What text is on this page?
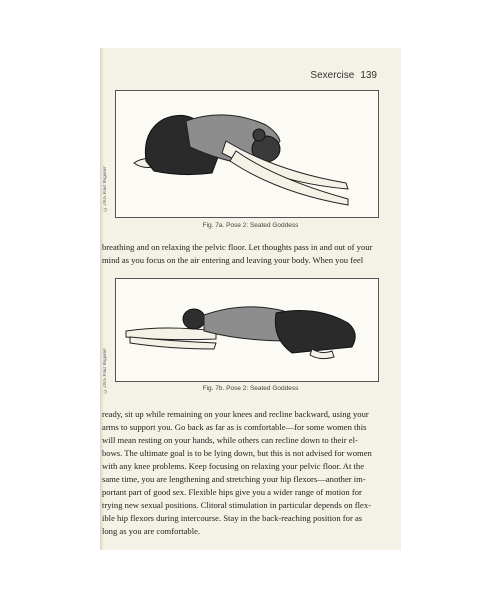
Sexercise 139
©2005 Paul Wagoner
Fig. 7a. Pose 2: Seated Goddess
breathing and on relaxing the pelvic floor. Let thoughts pass in and out of your
mind as you focus on the air entering and leaving your body. When you feel
©2005 Paul Wagoner	Fig. 7b. Pose 2: Seated Goddess
ready, sit up while remaining on your knees and recline backward, using your
arms to support you. Go back as far as is comfortable—for some women this
will mean resting on your hands, while others can recline down to their el-
bows. The ultimate goal is to be lying down, but this is not advised for women
with any knee problems. Keep focusing on relaxing your pelvic floor. At the
same time, you are lengthening and stretching your hip flexors—another im-
portant part of good sex. Flexible hips give you a wider range of motion for
trying new sexual positions. Clitoral stimulation in particular depends on flex-
ible hip flexors during intercourse. Stay in the back-reaching position for as
long as you are comfortable.
